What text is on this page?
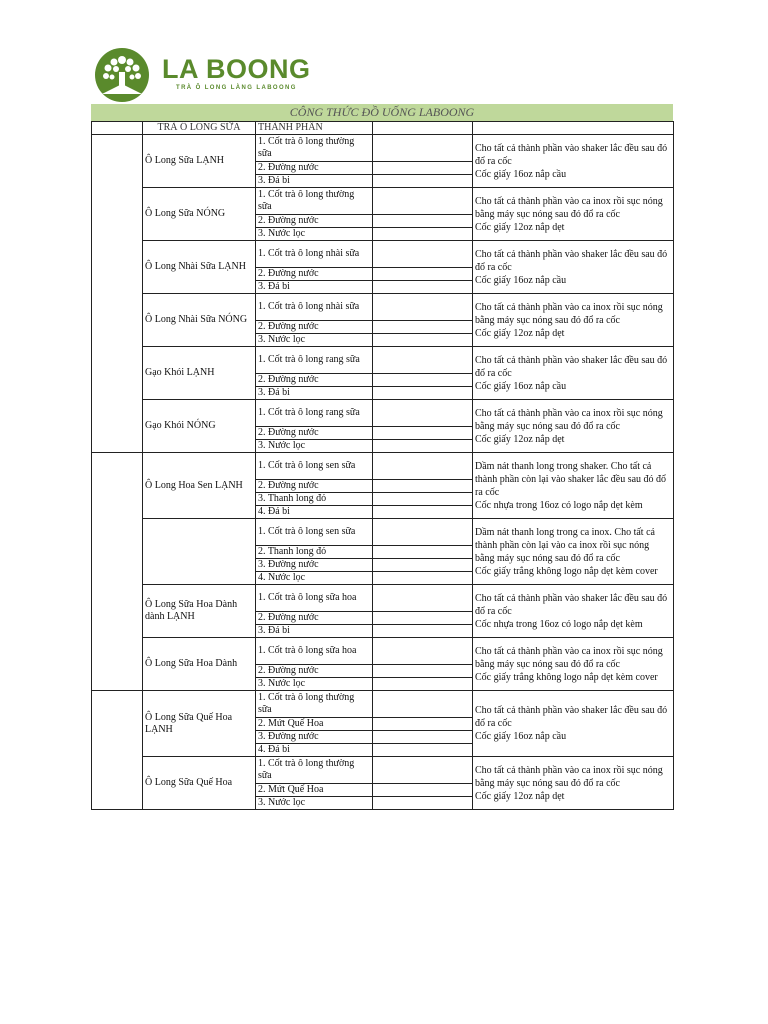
LA BOONG
TRÀ Ô LONG LÀNG LABOONG
CÔNG THỨC ĐỒ UỐNG LABOONG
	TRÀ Ô LONG SỮA	THÀNH PHẦN		
	Ô Long Sữa LẠNH	1. Cốt trà ô long thường sữa		Cho tất cả thành phần vào shaker lắc đều sau đó đổ ra cốc
Cốc giấy 16oz nắp cầu

		2. Đường nước		
		3. Đá bi		
	Ô Long Sữa NÓNG	1. Cốt trà ô long thường sữa		Cho tất cả thành phần vào ca inox rồi sục nóng bằng máy sục nóng sau đó đổ ra cốc
Cốc giấy 12oz nắp dẹt

		2. Đường nước		
		3. Nước lọc		
	Ô Long Nhài Sữa LẠNH	1. Cốt trà ô long nhài sữa		Cho tất cả thành phần vào shaker lắc đều sau đó đổ ra cốc
Cốc giấy 16oz nắp cầu

		2. Đường nước		
		3. Đá bi		
	Ô Long Nhài Sữa NÓNG	1. Cốt trà ô long nhài sữa		Cho tất cả thành phần vào ca inox rồi sục nóng bằng máy sục nóng sau đó đổ ra cốc
Cốc giấy 12oz nắp dẹt

		2. Đường nước		
		3. Nước lọc		
	Gạo Khói LẠNH	1. Cốt trà ô long rang sữa		Cho tất cả thành phần vào shaker lắc đều sau đó đổ ra cốc
Cốc giấy 16oz nắp cầu

		2. Đường nước		
		3. Đá bi		
	Gạo Khói NÓNG	1. Cốt trà ô long rang sữa		Cho tất cả thành phần vào ca inox rồi sục nóng bằng máy sục nóng sau đó đổ ra cốc
Cốc giấy 12oz nắp dẹt

		2. Đường nước		
		3. Nước lọc		
	Ô Long Hoa Sen LẠNH	1. Cốt trà ô long sen sữa		Dầm nát thanh long trong shaker. Cho tất cả thành phần còn lại vào shaker lắc đều sau đó đổ ra cốc
Cốc nhựa trong 16oz có logo nắp dẹt kèm

		2. Đường nước		
		3. Thanh long đỏ		
		4. Đá bi		
		1. Cốt trà ô long sen sữa		Dầm nát thanh long trong ca inox. Cho tất cả thành phần còn lại vào ca inox rồi sục nóng bằng máy sục nóng sau đó đổ ra cốc
Cốc giấy trắng không logo nắp dẹt kèm cover

		2. Thanh long đỏ		
		3. Đường nước		
		4. Nước lọc		
	Ô Long Sữa Hoa Dành dành LẠNH	1. Cốt trà ô long sữa hoa		Cho tất cả thành phần vào shaker lắc đều sau đó đổ ra cốc
Cốc nhựa trong 16oz có logo nắp dẹt kèm

		2. Đường nước		
		3. Đá bi		
	Ô Long Sữa Hoa Dành	1. Cốt trà ô long sữa hoa		Cho tất cả thành phần vào ca inox rồi sục nóng bằng máy sục nóng sau đó đổ ra cốc
Cốc giấy trắng không logo nắp dẹt kèm cover

		2. Đường nước		
		3. Nước lọc		
	Ô Long Sữa Quế Hoa LẠNH	1. Cốt trà ô long thường sữa		Cho tất cả thành phần vào shaker lắc đều sau đó đổ ra cốc
Cốc giấy 16oz nắp cầu

		2. Mứt Quế Hoa		
		3. Đường nước		
		4. Đá bi		
	Ô Long Sữa Quế Hoa	1. Cốt trà ô long thường sữa		Cho tất cả thành phần vào ca inox rồi sục nóng bằng máy sục nóng sau đó đổ ra cốc
Cốc giấy 12oz nắp dẹt

		2. Mứt Quế Hoa		
		3. Nước lọc		
